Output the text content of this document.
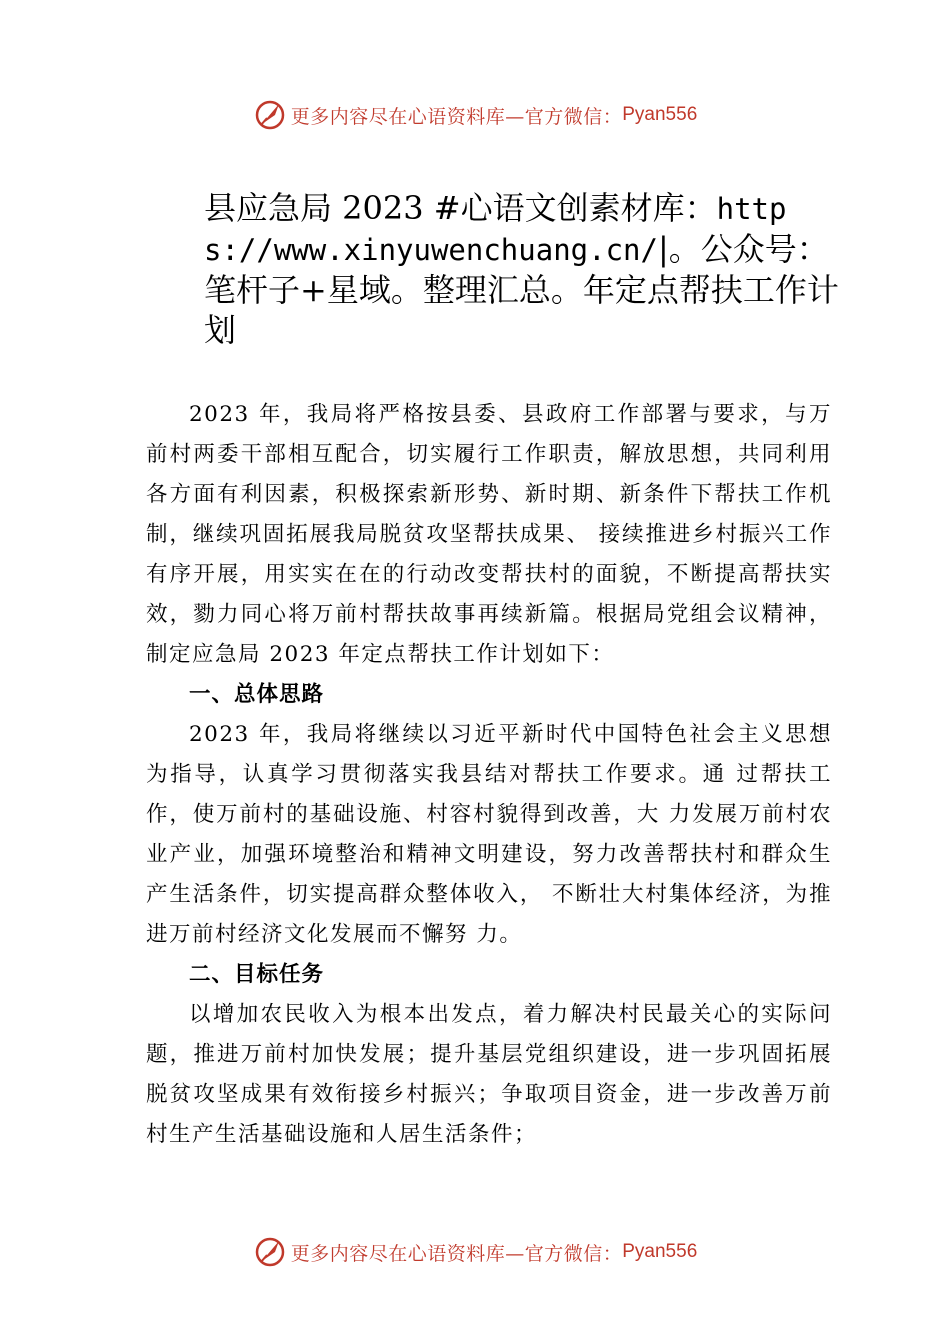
更多内容尽在心语资料库—官方微信： Pyan556
县应急局 2023 #心语文创素材库：https://www.xinyuwenchuang.cn/|。公众号：笔杆子+星域。整理汇总。年定点帮扶工作计划

2023 年，我局将严格按县委、县政府工作部署与要求，与万前村两委干部相互配合，切实履行工作职责，解放思想，共同利用各方面有利因素，积极探索新形势、新时期、新条件下帮扶工作机制，继续巩固拓展我局脱贫攻坚帮扶成果、 接续推进乡村振兴工作有序开展，用实实在在的行动改变帮扶村的面貌，不断提高帮扶实效，勠力同心将万前村帮扶故事再续新篇。根据局党组会议精神，制定应急局 2023 年定点帮扶工作计划如下：

一、总体思路

2023 年，我局将继续以习近平新时代中国特色社会主义思想为指导，认真学习贯彻落实我县结对帮扶工作要求。通 过帮扶工作，使万前村的基础设施、村容村貌得到改善，大 力发展万前村农业产业，加强环境整治和精神文明建设，努力改善帮扶村和群众生产生活条件，切实提高群众整体收入， 不断壮大村集体经济，为推进万前村经济文化发展而不懈努 力。

二、目标任务

以增加农民收入为根本出发点，着力解决村民最关心的实际问题，推进万前村加快发展；提升基层党组织建设，进一步巩固拓展脱贫攻坚成果有效衔接乡村振兴；争取项目资金，进一步改善万前村生产生活基础设施和人居生活条件；

更多内容尽在心语资料库—官方微信： Pyan556
